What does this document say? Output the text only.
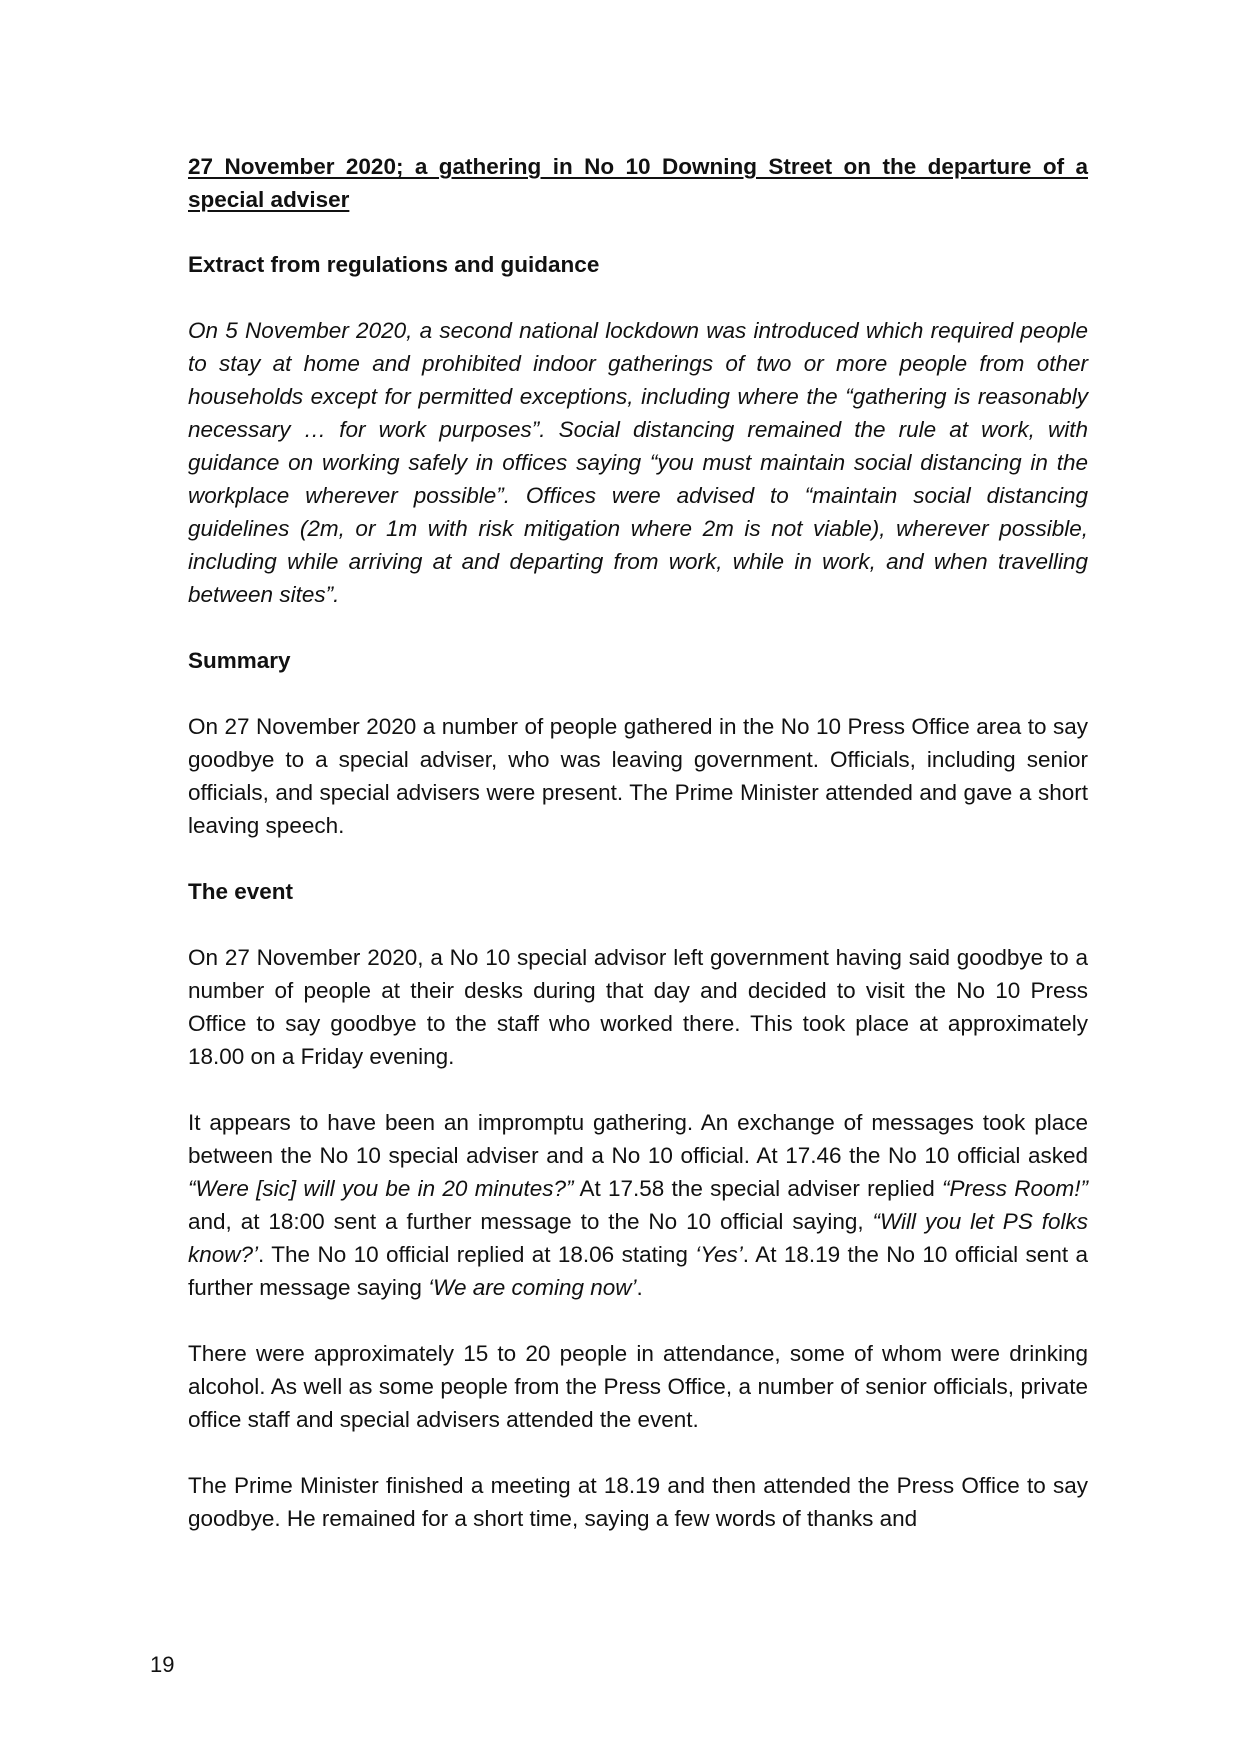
27 November 2020; a gathering in No 10 Downing Street on the departure of a special adviser
Extract from regulations and guidance

On 5 November 2020, a second national lockdown was introduced which required people to stay at home and prohibited indoor gatherings of two or more people from other households except for permitted exceptions, including where the “gathering is reasonably necessary … for work purposes”. Social distancing remained the rule at work, with guidance on working safely in offices saying “you must maintain social distancing in the workplace wherever possible”. Offices were advised to “maintain social distancing guidelines (2m, or 1m with risk mitigation where 2m is not viable), wherever possible, including while arriving at and departing from work, while in work, and when travelling between sites”.

Summary

On 27 November 2020 a number of people gathered in the No 10 Press Office area to say goodbye to a special adviser, who was leaving government. Officials, including senior officials, and special advisers were present. The Prime Minister attended and gave a short leaving speech.

The event

On 27 November 2020, a No 10 special advisor left government having said goodbye to a number of people at their desks during that day and decided to visit the No 10 Press Office to say goodbye to the staff who worked there. This took place at approximately 18.00 on a Friday evening.

It appears to have been an impromptu gathering. An exchange of messages took place between the No 10 special adviser and a No 10 official. At 17.46 the No 10 official asked “Were [sic] will you be in 20 minutes?” At 17.58 the special adviser replied “Press Room!” and, at 18:00 sent a further message to the No 10 official saying, “Will you let PS folks know?’. The No 10 official replied at 18.06 stating ‘Yes’. At 18.19 the No 10 official sent a further message saying ‘We are coming now’.

There were approximately 15 to 20 people in attendance, some of whom were drinking alcohol. As well as some people from the Press Office, a number of senior officials, private office staff and special advisers attended the event.

The Prime Minister finished a meeting at 18.19 and then attended the Press Office to say goodbye. He remained for a short time, saying a few words of thanks and

19
